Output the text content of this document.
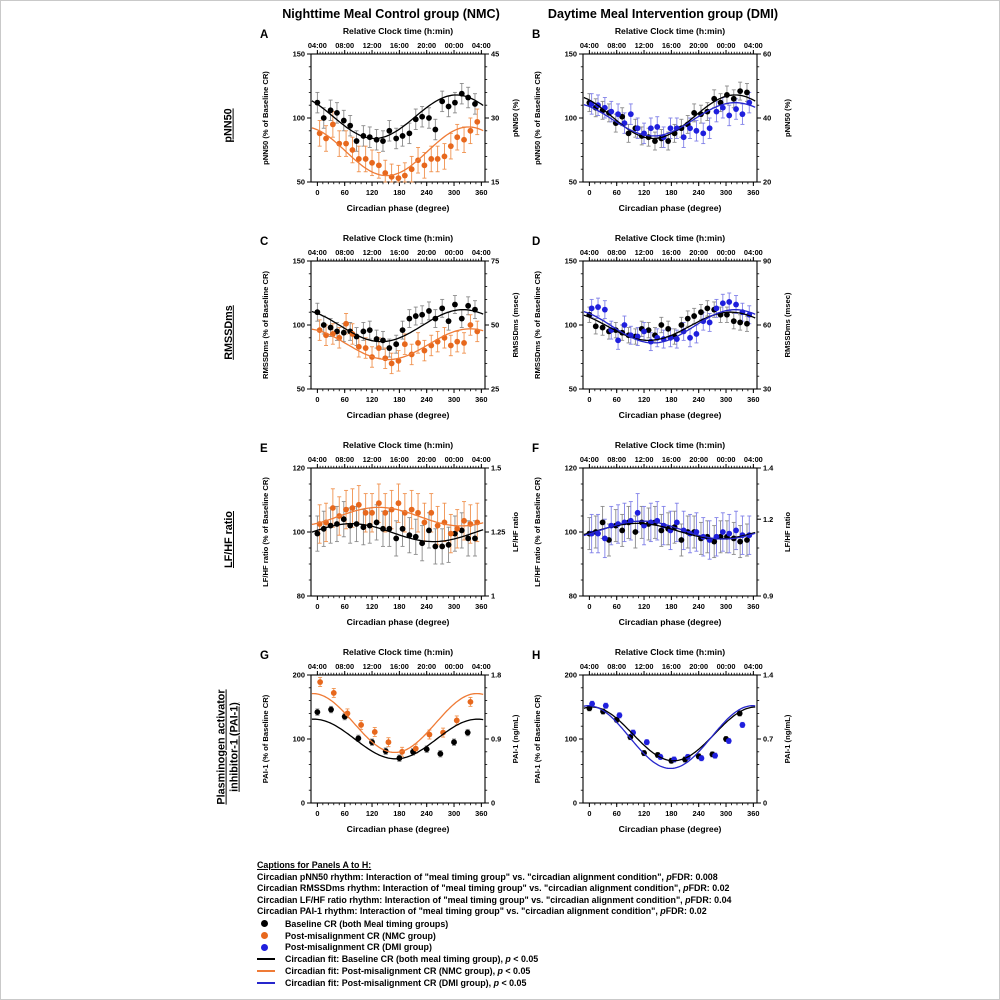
Nighttime Meal Control group (NMC)	Daytime Meal Intervention group (DMI)
pNN50
A	Relative Clock time (h:min)
Circadian phase (degree)
pNN50 (% of Baseline CR)	pNN50 (%)
04:00 08:00 12:00 16:00 20:00 00:00 04:00
0	60 120 180 240 300 360
50
100
150
15
30
45
B	Relative Clock time (h:min)
Circadian phase (degree)
pNN50 (% of Baseline CR)	pNN50 (%)
04:00 08:00 12:00 16:00 20:00 00:00 04:00
0	60 120 180 240 300 360
50
100
150
20
40
60
RMSSDms
C	Relative Clock time (h:min)
Circadian phase (degree)
RMSSDms (% of Baseline CR)	RMSSDms (msec)
04:00 08:00 12:00 16:00 20:00 00:00 04:00
0	60 120 180 240 300 360
50
100
150
25
50
75
D	Relative Clock time (h:min)
Circadian phase (degree)
RMSSDms (% of Baseline CR)	RMSSDms (msec)
04:00 08:00 12:00 16:00 20:00 00:00 04:00
0	60 120 180 240 300 360
50
100
150
30
60
90
LF/HF ratio
E	Relative Clock time (h:min)
Circadian phase (degree)
LF/HF ratio (% of Baseline CR)	LF/HF ratio
04:00 08:00 12:00 16:00 20:00 00:00 04:00
0	60 120 180 240 300 360
80
100
120
1
1.25
1.5
F	Relative Clock time (h:min)
Circadian phase (degree)
LF/HF ratio (% of Baseline CR)	LF/HF ratio
04:00 08:00 12:00 16:00 20:00 00:00 04:00
0	60 120 180 240 300 360
80
100
120
0.9
1.2
1.4
Plasminogen activator inhibitor-1 (PAI-1)
G	Relative Clock time (h:min)
Circadian phase (degree)
PAI-1 (% of Baseline CR)	PAI-1 (ng/mL)
04:00 08:00 12:00 16:00 20:00 00:00 04:00
0	60 120 180 240 300 360
0
100
200
0
0.9
1.8
H	Relative Clock time (h:min)
Circadian phase (degree)
PAI-1 (% of Baseline CR)	PAI-1 (ng/mL)
04:00 08:00 12:00 16:00 20:00 00:00 04:00
0	60 120 180 240 300 360
0
100
200
0
0.7
1.4
Captions for Panels A to H:
Circadian pNN50 rhythm: Interaction of "meal timing group" vs. "circadian alignment condition", pFDR: 0.008
Circadian RMSSDms rhythm: Interaction of "meal timing group" vs. "circadian alignment condition", pFDR: 0.02
Circadian LF/HF ratio rhythm: Interaction of "meal timing group" vs. "circadian alignment condition", pFDR: 0.04
Circadian PAI-1 rhythm: Interaction of "meal timing group" vs. "circadian alignment condition", pFDR: 0.02
Baseline CR (both Meal timing groups)
Post-misalignment CR (NMC group)
Post-misalignment CR (DMI group)
Circadian fit: Baseline CR (both meal timing group), p < 0.05
Circadian fit: Post-misalignment CR (NMC group), p < 0.05
Circadian fit: Post-misalignment CR (DMI group), p < 0.05
